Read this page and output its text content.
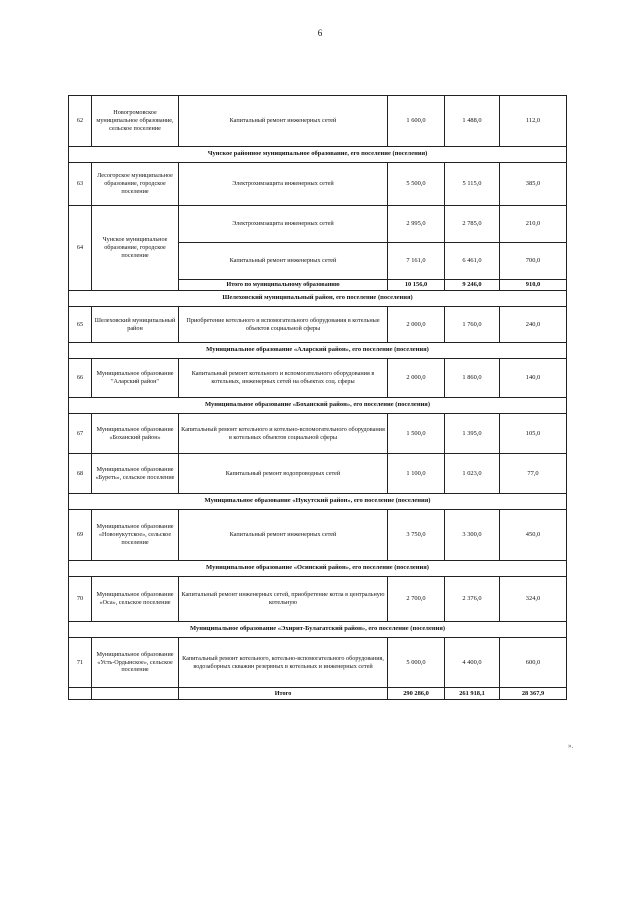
6
62	Новогромовское муниципальное образование, сельское поселение	Капитальный ремонт инженерных сетей	1 600,0	1 488,0	112,0
Чунское районное муниципальное образование, его поселение (поселения)					
63	Лесогорское муниципальное образование, городское поселение	Электрохимзащита инженерных сетей	5 500,0	5 115,0	385,0
64	Чунское муниципальное образование, городское поселение	Электрохимзащита инженерных сетей	2 995,0	2 785,0	210,0
		Капитальный ремонт инженерных сетей	7 161,0	6 461,0	700,0
		Итого по муниципальному образованию	10 156,0	9 246,0	910,0
Шелеховский муниципальный район, его поселение (поселения)					
65	Шелеховский муниципальный район	Приобретение котельного и вспомогательного оборудования в котельные объектов социальной сферы	2 000,0	1 760,0	240,0
Муниципальное образование «Аларский район», его поселение (поселения)					
66	Муниципальное образование "Аларский район"	Капитальный ремонт котельного и вспомогательного оборудования в котельных, инженерных сетей на объектах соц. сферы	2 000,0	1 860,0	140,0
Муниципальное образование «Боханский район», его поселение (поселения)					
67	Муниципальное образование «Боханский район»	Капитальный ремонт котельного и котельно-вспомогательного оборудования в котельных объектов социальной сферы	1 500,0	1 395,0	105,0
68	Муниципальное образование «Буреть», сельское поселение	Капитальный ремонт водопроводных сетей	1 100,0	1 023,0	77,0
Муниципальное образование «Нукутский район», его поселение (поселения)					
69	Муниципальное образование «Новонукутское», сельское поселение	Капитальный ремонт инженерных сетей	3 750,0	3 300,0	450,0
Муниципальное образование «Осинский район», его поселение (поселения)					
70	Муниципальное образование «Оса», сельское поселение	Капитальный ремонт инженерных сетей, приобретение котла в центральную котельную	2 700,0	2 376,0	324,0
Муниципальное образование «Эхирит-Булагатский район», его поселение (поселения)					
71	Муниципальное образование «Усть-Ордынское», сельское поселение	Капитальный ремонт котельного, котельно-вспомогательного оборудования, водозаборных скважин резервных в котельных и инженерных сетей	5 000,0	4 400,0	600,0
		Итого	290 286,0	261 918,1	28 367,9
».
